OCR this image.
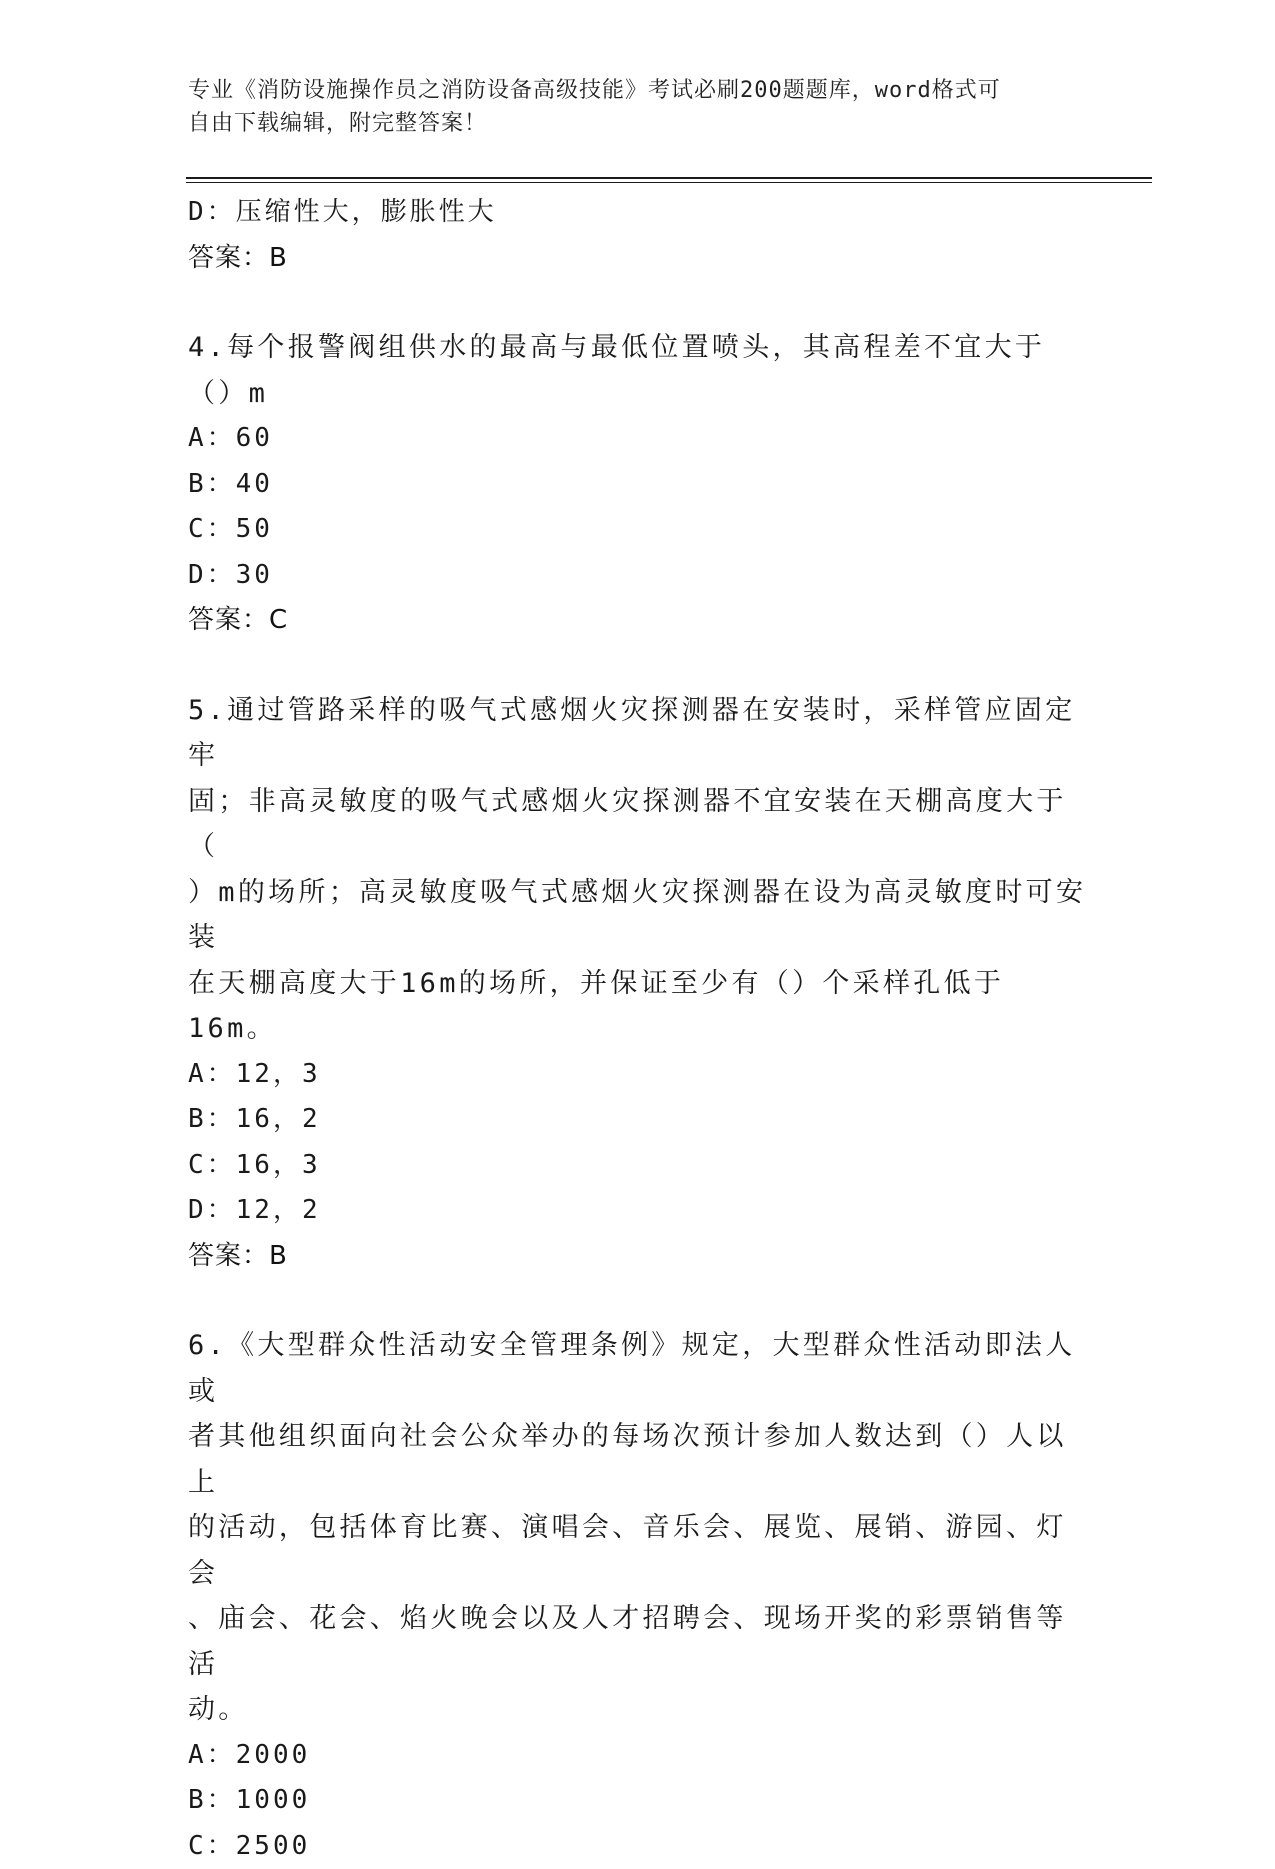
专业《消防设施操作员之消防设备高级技能》考试必刷200题题库，word格式可
自由下载编辑，附完整答案！
D：压缩性大，膨胀性大
答案：B
4.每个报警阀组供水的最高与最低位置喷头，其高程差不宜大于（）m
A：60
B：40
C：50
D：30
答案：C
5.通过管路采样的吸气式感烟火灾探测器在安装时，采样管应固定牢
固；非高灵敏度的吸气式感烟火灾探测器不宜安装在天棚高度大于（
）m的场所；高灵敏度吸气式感烟火灾探测器在设为高灵敏度时可安装
在天棚高度大于16m的场所，并保证至少有（）个采样孔低于16m。
A：12，3
B：16，2
C：16，3
D：12，2
答案：B
6.《大型群众性活动安全管理条例》规定，大型群众性活动即法人或
者其他组织面向社会公众举办的每场次预计参加人数达到（）人以上
的活动，包括体育比赛、演唱会、音乐会、展览、展销、游园、灯会
、庙会、花会、焰火晚会以及人才招聘会、现场开奖的彩票销售等活
动。
A：2000
B：1000
C：2500
